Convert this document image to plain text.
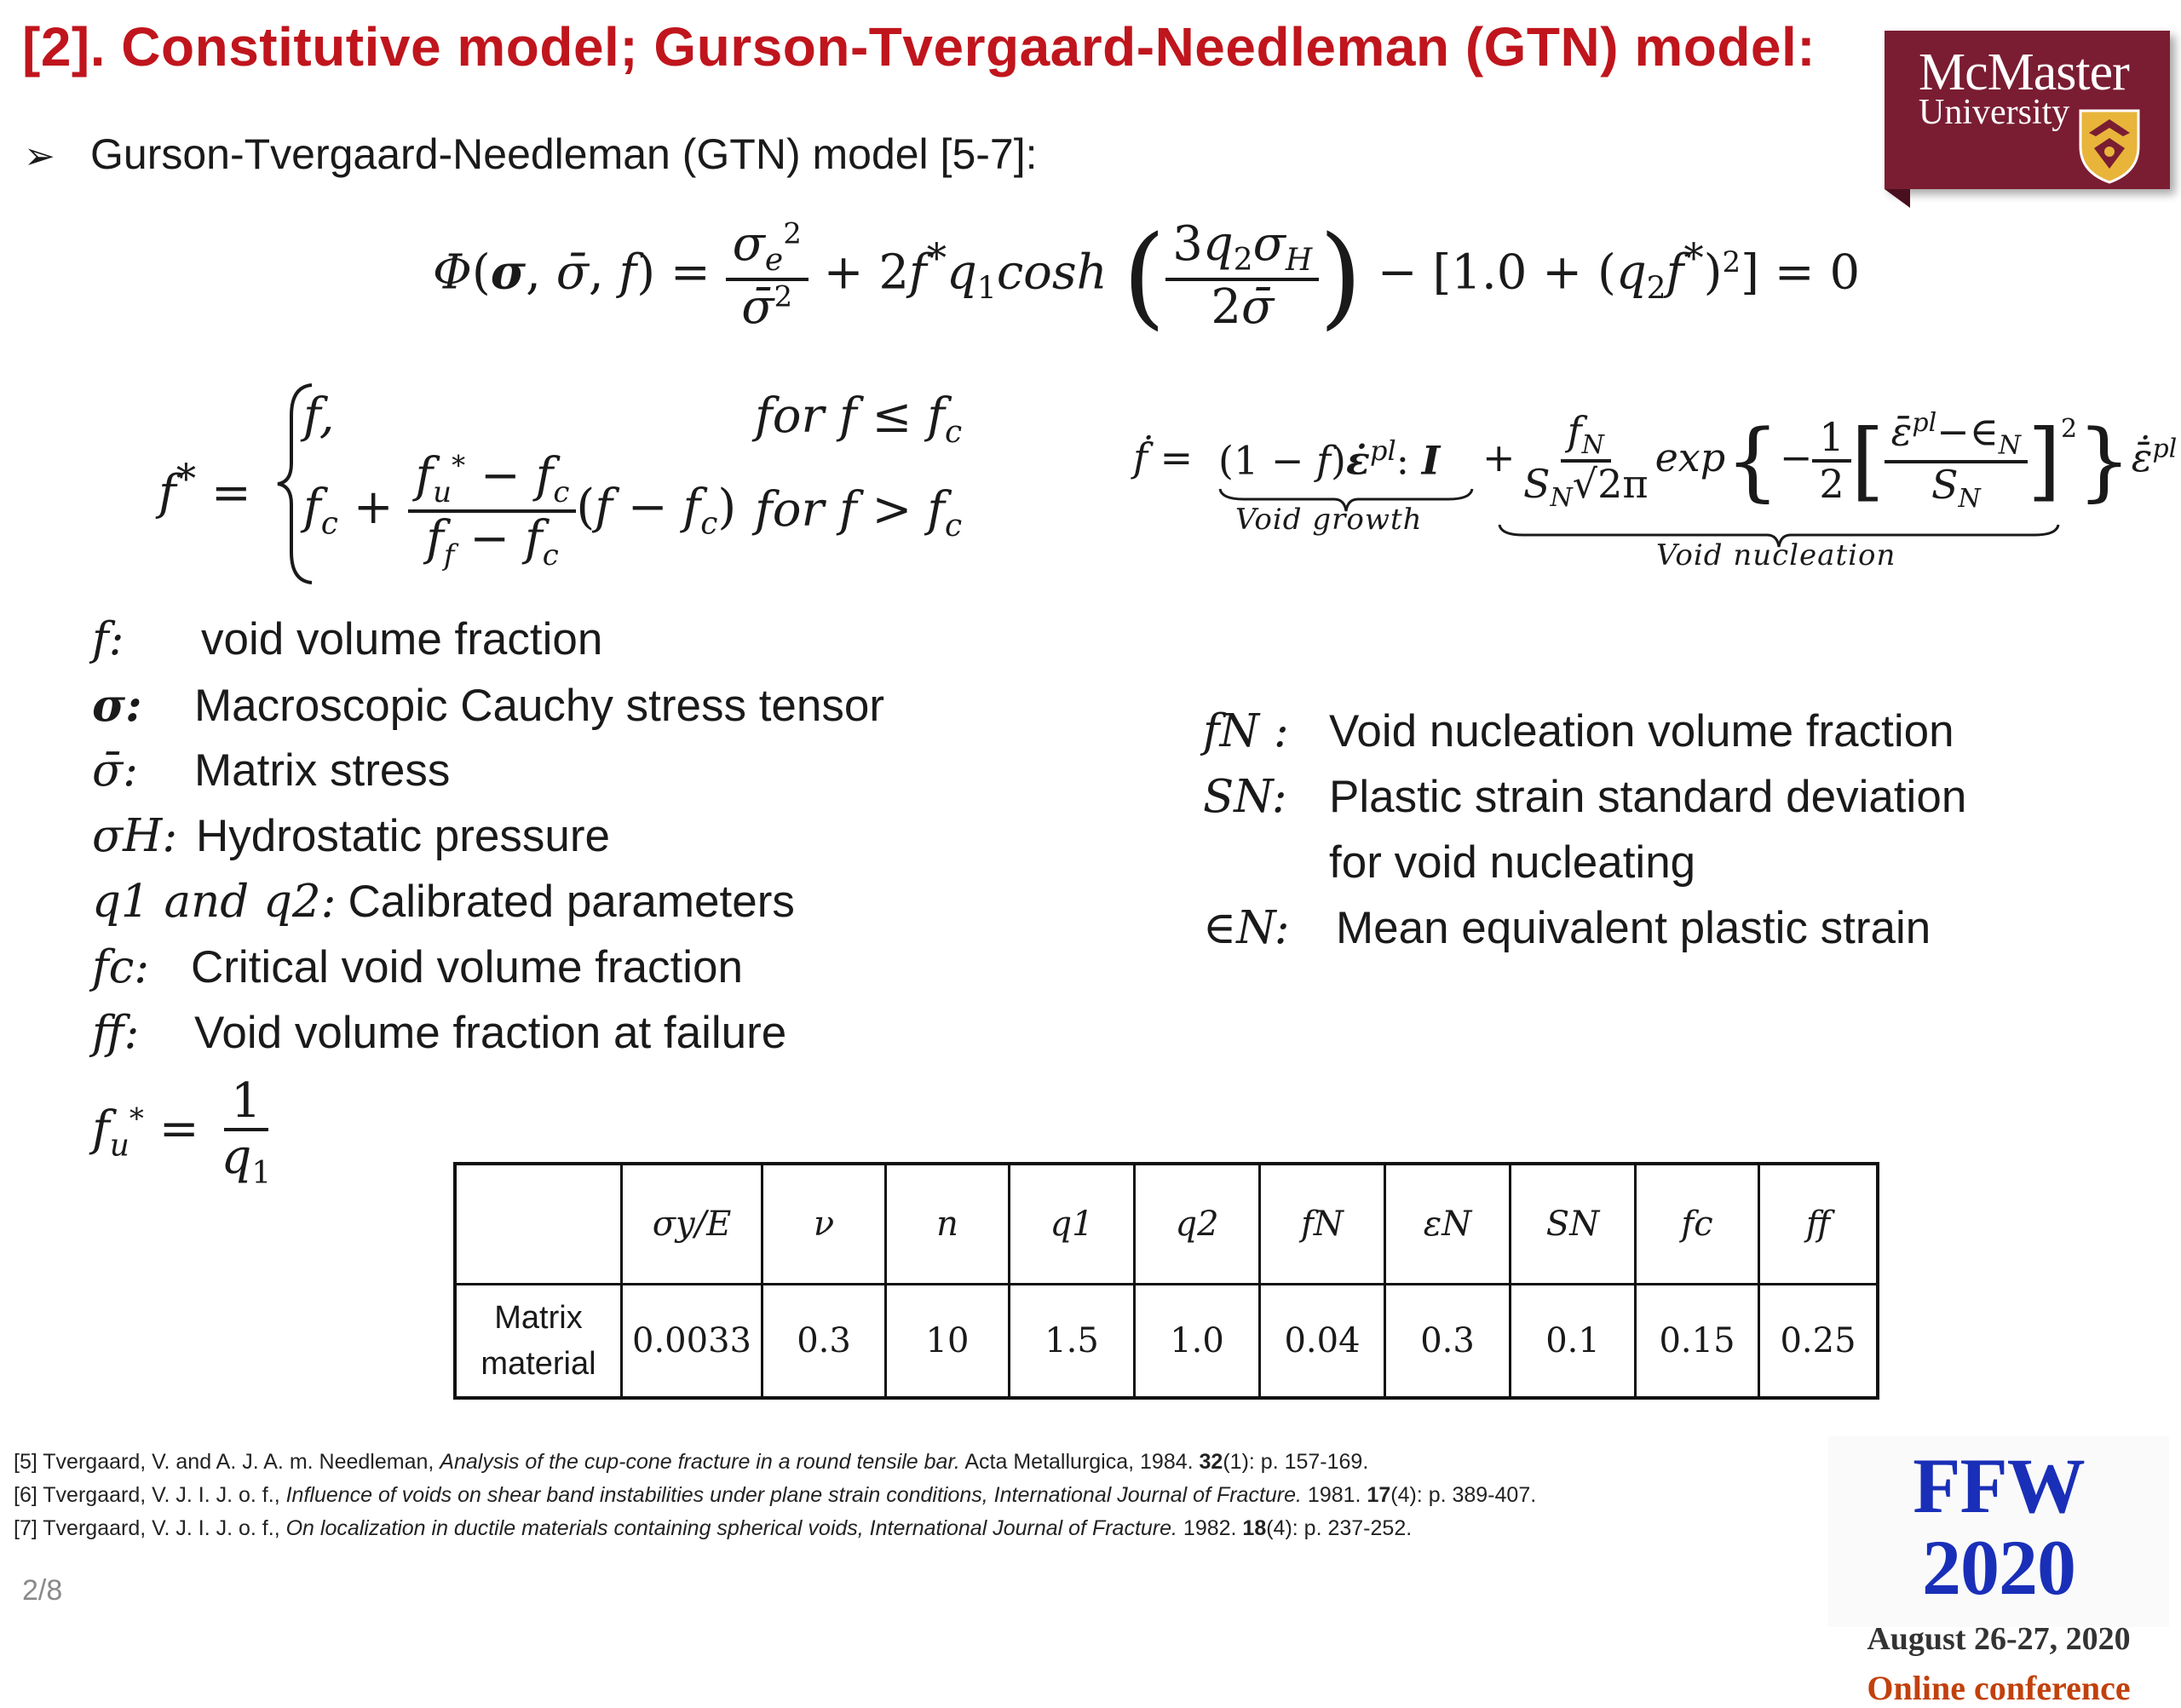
[2]. Constitutive model; Gurson-Tvergaard-Needleman (GTN) model: McMaster
University
➢ Gurson-Tvergaard-Needleman (GTN) model [5-7]:
Φ(σ, σ̄, $f) = \frac{\sigma_e^2}{\sigmā^2} + 2f^*q_1\cosh$ ( $\frac{3q_2\sigma_H}{2\sigmā}$ ) − $[1.0 + (q_2f^*)^2] = 0$
f* =
f,	for $f \le f_c$
$f_c + \frac{f_u^* - f_c}{f_f - f_c} (f - f_c)$ for $f > f_c$
ḟ = (1 − f)ε̇$^{pl}$: I
Void growth
+ $\frac{f_N}{S_N√2\pi} \exp\{- \frac{1}{2}$ [ $\frac{\varepsilon̄^{pl}-\in_N}{S_N}$ ]$^2$}ε̄̇$^{pl}$
Void nucleation
f: void volume fraction
σ: Macroscopic Cauchy stress tensor
σ̄: Matrix stress
σH: Hydrostatic pressure
q1 and q2: Calibrated parameters
fc: Critical void volume fraction
ff: Void volume fraction at failure
$f_u^* = \frac{1}{q_1}$
fN : Void nucleation volume fraction
SN: Plastic strain standard deviation
for void nucleating
∈N: Mean equivalent plastic strain
	σy/E	ν	n	q1	q2	fN	εN	SN	fc	ff
Matrix
material	0.0033	0.3	10	1.5	1.0	0.04	0.3	0.1	0.15	0.25
[5] Tvergaard, V. and A. J. A. m. Needleman, Analysis of the cup-cone fracture in a round tensile bar. Acta Metallurgica, 1984. 32(1): p. 157-169.
[6] Tvergaard, V. J. I. J. o. f., Influence of voids on shear band instabilities under plane strain conditions, International Journal of Fracture. 1981. 17(4): p. 389-407.
[7] Tvergaard, V. J. I. J. o. f., On localization in ductile materials containing spherical voids, International Journal of Fracture. 1982. 18(4): p. 237-252.
2/8
FFW 2020
August 26-27, 2020
Online conference
